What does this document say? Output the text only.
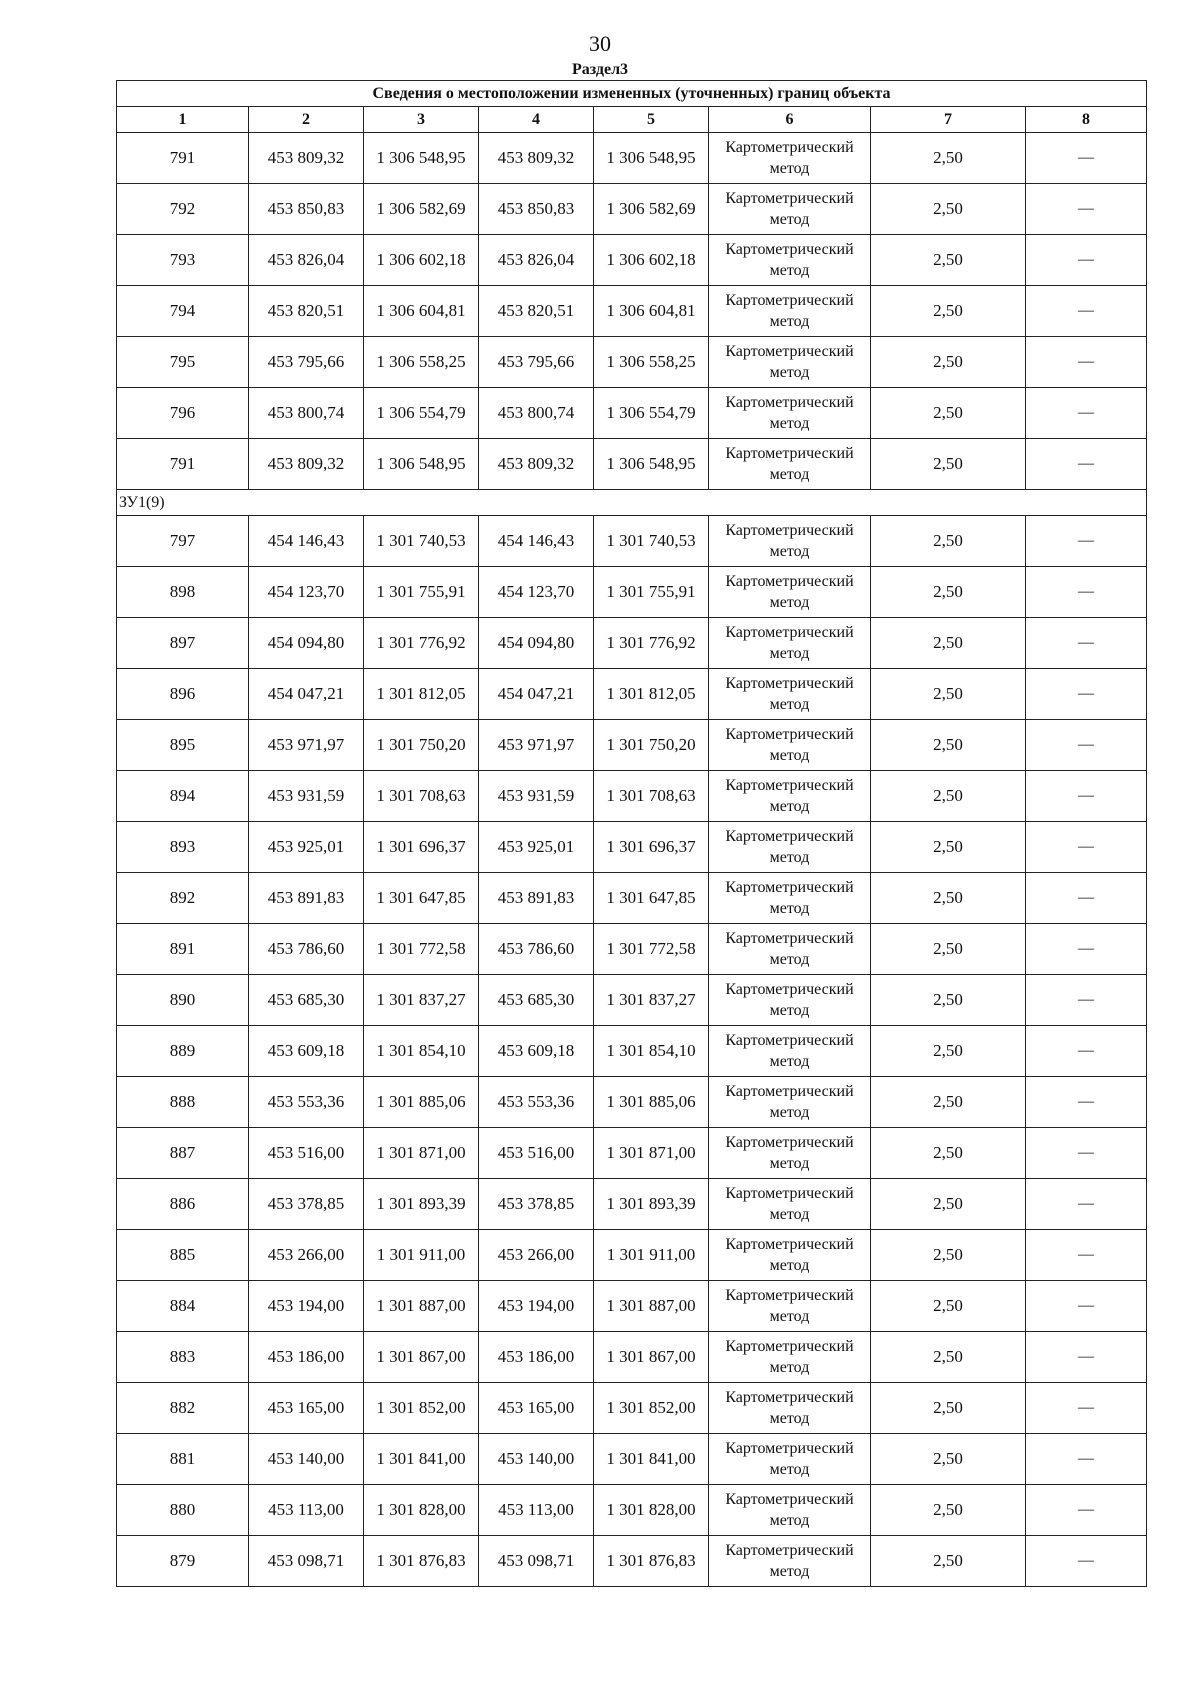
30
Раздел3
Сведения о местоположении измененных (уточненных) границ объекта							
1	2	3	4	5	6	7	8
791	453 809,32	1 306 548,95	453 809,32	1 306 548,95	Картометрический метод	2,50	—
792	453 850,83	1 306 582,69	453 850,83	1 306 582,69	Картометрический метод	2,50	—
793	453 826,04	1 306 602,18	453 826,04	1 306 602,18	Картометрический метод	2,50	—
794	453 820,51	1 306 604,81	453 820,51	1 306 604,81	Картометрический метод	2,50	—
795	453 795,66	1 306 558,25	453 795,66	1 306 558,25	Картометрический метод	2,50	—
796	453 800,74	1 306 554,79	453 800,74	1 306 554,79	Картометрический метод	2,50	—
791	453 809,32	1 306 548,95	453 809,32	1 306 548,95	Картометрический метод	2,50	—
ЗУ1(9)							
797	454 146,43	1 301 740,53	454 146,43	1 301 740,53	Картометрический метод	2,50	—
898	454 123,70	1 301 755,91	454 123,70	1 301 755,91	Картометрический метод	2,50	—
897	454 094,80	1 301 776,92	454 094,80	1 301 776,92	Картометрический метод	2,50	—
896	454 047,21	1 301 812,05	454 047,21	1 301 812,05	Картометрический метод	2,50	—
895	453 971,97	1 301 750,20	453 971,97	1 301 750,20	Картометрический метод	2,50	—
894	453 931,59	1 301 708,63	453 931,59	1 301 708,63	Картометрический метод	2,50	—
893	453 925,01	1 301 696,37	453 925,01	1 301 696,37	Картометрический метод	2,50	—
892	453 891,83	1 301 647,85	453 891,83	1 301 647,85	Картометрический метод	2,50	—
891	453 786,60	1 301 772,58	453 786,60	1 301 772,58	Картометрический метод	2,50	—
890	453 685,30	1 301 837,27	453 685,30	1 301 837,27	Картометрический метод	2,50	—
889	453 609,18	1 301 854,10	453 609,18	1 301 854,10	Картометрический метод	2,50	—
888	453 553,36	1 301 885,06	453 553,36	1 301 885,06	Картометрический метод	2,50	—
887	453 516,00	1 301 871,00	453 516,00	1 301 871,00	Картометрический метод	2,50	—
886	453 378,85	1 301 893,39	453 378,85	1 301 893,39	Картометрический метод	2,50	—
885	453 266,00	1 301 911,00	453 266,00	1 301 911,00	Картометрический метод	2,50	—
884	453 194,00	1 301 887,00	453 194,00	1 301 887,00	Картометрический метод	2,50	—
883	453 186,00	1 301 867,00	453 186,00	1 301 867,00	Картометрический метод	2,50	—
882	453 165,00	1 301 852,00	453 165,00	1 301 852,00	Картометрический метод	2,50	—
881	453 140,00	1 301 841,00	453 140,00	1 301 841,00	Картометрический метод	2,50	—
880	453 113,00	1 301 828,00	453 113,00	1 301 828,00	Картометрический метод	2,50	—
879	453 098,71	1 301 876,83	453 098,71	1 301 876,83	Картометрический метод	2,50	—
